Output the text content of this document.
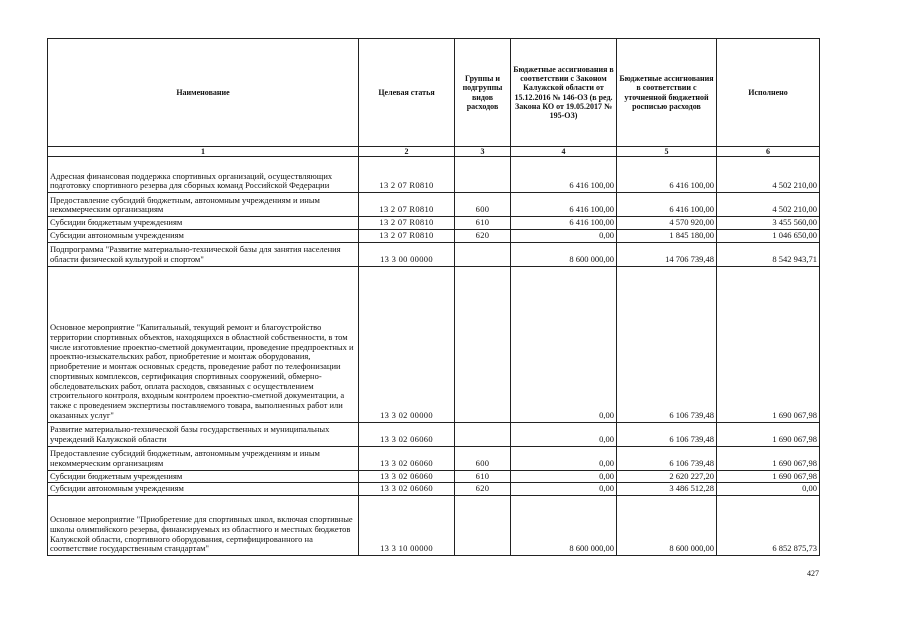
Наименование	Целевая статья	Группы и подгруппы видов расходов	Бюджетные ассигнования в соответствии с Законом Калужской области от 15.12.2016 № 146-ОЗ (в ред. Закона КО от 19.05.2017 № 195-ОЗ)	Бюджетные ассигнования в соответствии с уточненной бюджетной росписью расходов	Исполнено
1	2	3	4	5	6
Адресная финансовая поддержка спортивных организаций, осуществляющих подготовку спортивного резерва для сборных команд Российской Федерации	13 2 07 R0810		6 416 100,00	6 416 100,00	4 502 210,00
Предоставление субсидий бюджетным, автономным учреждениям и иным некоммерческим организациям	13 2 07 R0810	600	6 416 100,00	6 416 100,00	4 502 210,00
Субсидии бюджетным учреждениям	13 2 07 R0810	610	6 416 100,00	4 570 920,00	3 455 560,00
Субсидии автономным учреждениям	13 2 07 R0810	620	0,00	1 845 180,00	1 046 650,00
Подпрограмма "Развитие материально-технической базы для занятия населения области физической культурой и спортом"	13 3 00 00000		8 600 000,00	14 706 739,48	8 542 943,71
Основное мероприятие "Капитальный, текущий ремонт и благоустройство территории спортивных объектов, находящихся в областной собственности, в том числе изготовление проектно-сметной документации, проведение предпроектных и проектно-изыскательских работ, приобретение и монтаж оборудования, приобретение и монтаж основных средств, проведение работ по телефонизации спортивных комплексов, сертификация спортивных сооружений, обмерно-обследовательских работ, оплата расходов, связанных с осуществлением строительного контроля, входным контролем проектно-сметной документации, а также с проведением экспертизы поставляемого товара, выполненных работ или оказанных услуг"	13 3 02 00000		0,00	6 106 739,48	1 690 067,98
Развитие материально-технической базы государственных и муниципальных учреждений Калужской области	13 3 02 06060		0,00	6 106 739,48	1 690 067,98
Предоставление субсидий бюджетным, автономным учреждениям и иным некоммерческим организациям	13 3 02 06060	600	0,00	6 106 739,48	1 690 067,98
Субсидии бюджетным учреждениям	13 3 02 06060	610	0,00	2 620 227,20	1 690 067,98
Субсидии автономным учреждениям	13 3 02 06060	620	0,00	3 486 512,28	0,00
Основное мероприятие "Приобретение для спортивных школ, включая спортивные школы олимпийского резерва, финансируемых из областного и местных бюджетов Калужской области, спортивного оборудования, сертифицированного на соответствие государственным стандартам"	13 3 10 00000		8 600 000,00	8 600 000,00	6 852 875,73
427
